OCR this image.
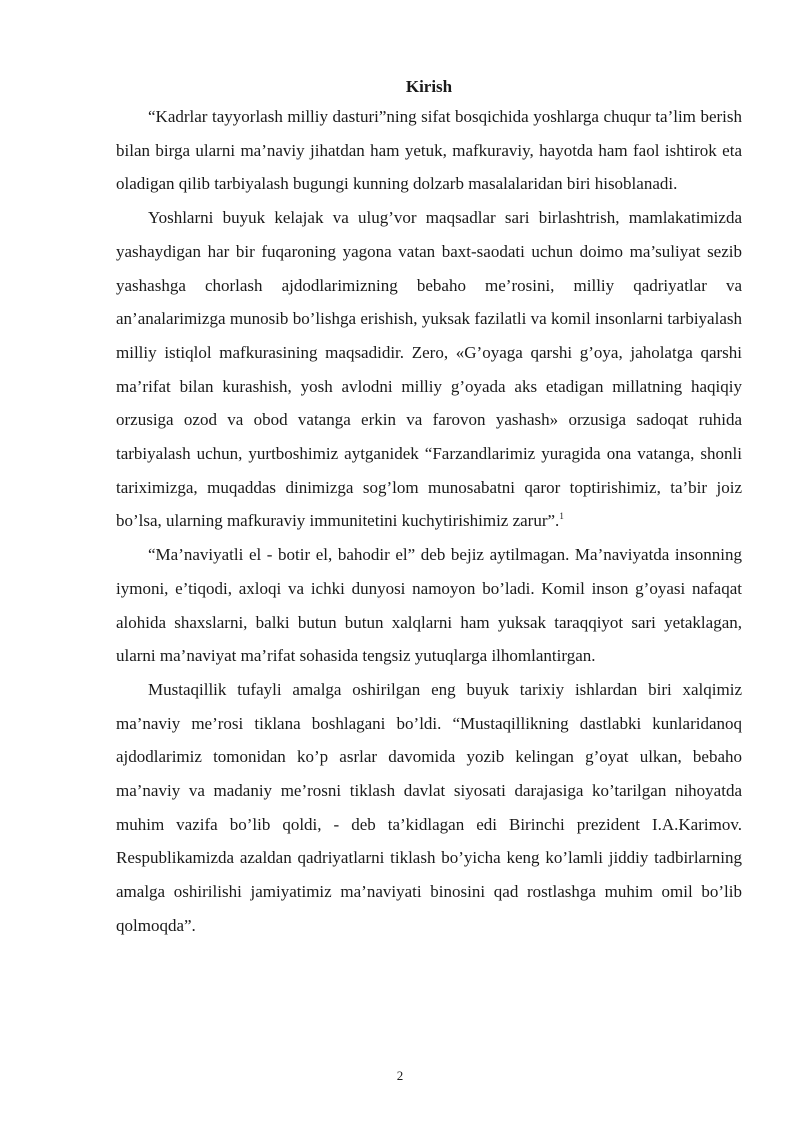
Kirish

“Kadrlar tayyorlash milliy dasturi”ning sifat bosqichida yoshlarga chuqur ta’lim berish bilan birga ularni ma’naviy jihatdan ham yetuk, mafkuraviy, hayotda ham faol ishtirok eta oladigan qilib tarbiyalash bugungi kunning dolzarb masalalaridan biri hisoblanadi.

Yoshlarni buyuk kelajak va ulug’vor maqsadlar sari birlashtrish, mamlakatimizda yashaydigan har bir fuqaroning yagona vatan baxt-saodati uchun doimo ma’suliyat sezib yashashga chorlash ajdodlarimizning bebaho me’rosini, milliy qadriyatlar va an’analarimizga munosib bo’lishga erishish, yuksak fazilatli va komil insonlarni tarbiyalash milliy istiqlol mafkurasining maqsadidir. Zero, «G’oyaga qarshi g’oya, jaholatga qarshi ma’rifat bilan kurashish, yosh avlodni milliy g’oyada aks etadigan millatning haqiqiy orzusiga ozod va obod vatanga erkin va farovon yashash» orzusiga sadoqat ruhida tarbiyalash uchun, yurtboshimiz aytganidek “Farzandlarimiz yuragida ona vatanga, shonli tariximizga, muqaddas dinimizga sog’lom munosabatni qaror toptirishimiz, ta’bir joiz bo’lsa, ularning mafkuraviy immunitetini kuchytirishimiz zarur”.$^1$

“Ma’naviyatli el - botir el, bahodir el” deb bejiz aytilmagan. Ma’naviyatda insonning iymoni, e’tiqodi, axloqi va ichki dunyosi namoyon bo’ladi. Komil inson g’oyasi nafaqat alohida shaxslarni, balki butun butun xalqlarni ham yuksak taraqqiyot sari yetaklagan, ularni ma’naviyat ma’rifat sohasida tengsiz yutuqlarga ilhomlantirgan.

Mustaqillik tufayli amalga oshirilgan eng buyuk tarixiy ishlardan biri xalqimiz ma’naviy me’rosi tiklana boshlagani bo’ldi. “Mustaqillikning dastlabki kunlaridanoq ajdodlarimiz tomonidan ko’p asrlar davomida yozib kelingan g’oyat ulkan, bebaho ma’naviy va madaniy me’rosni tiklash davlat siyosati darajasiga ko’tarilgan nihoyatda muhim vazifa bo’lib qoldi, - deb ta’kidlagan edi Birinchi prezident I.A.Karimov. Respublikamizda azaldan qadriyatlarni tiklash bo’yicha keng ko’lamli jiddiy tadbirlarning amalga oshirilishi jamiyatimiz ma’naviyati binosini qad rostlashga muhim omil bo’lib qolmoqda”.

2
